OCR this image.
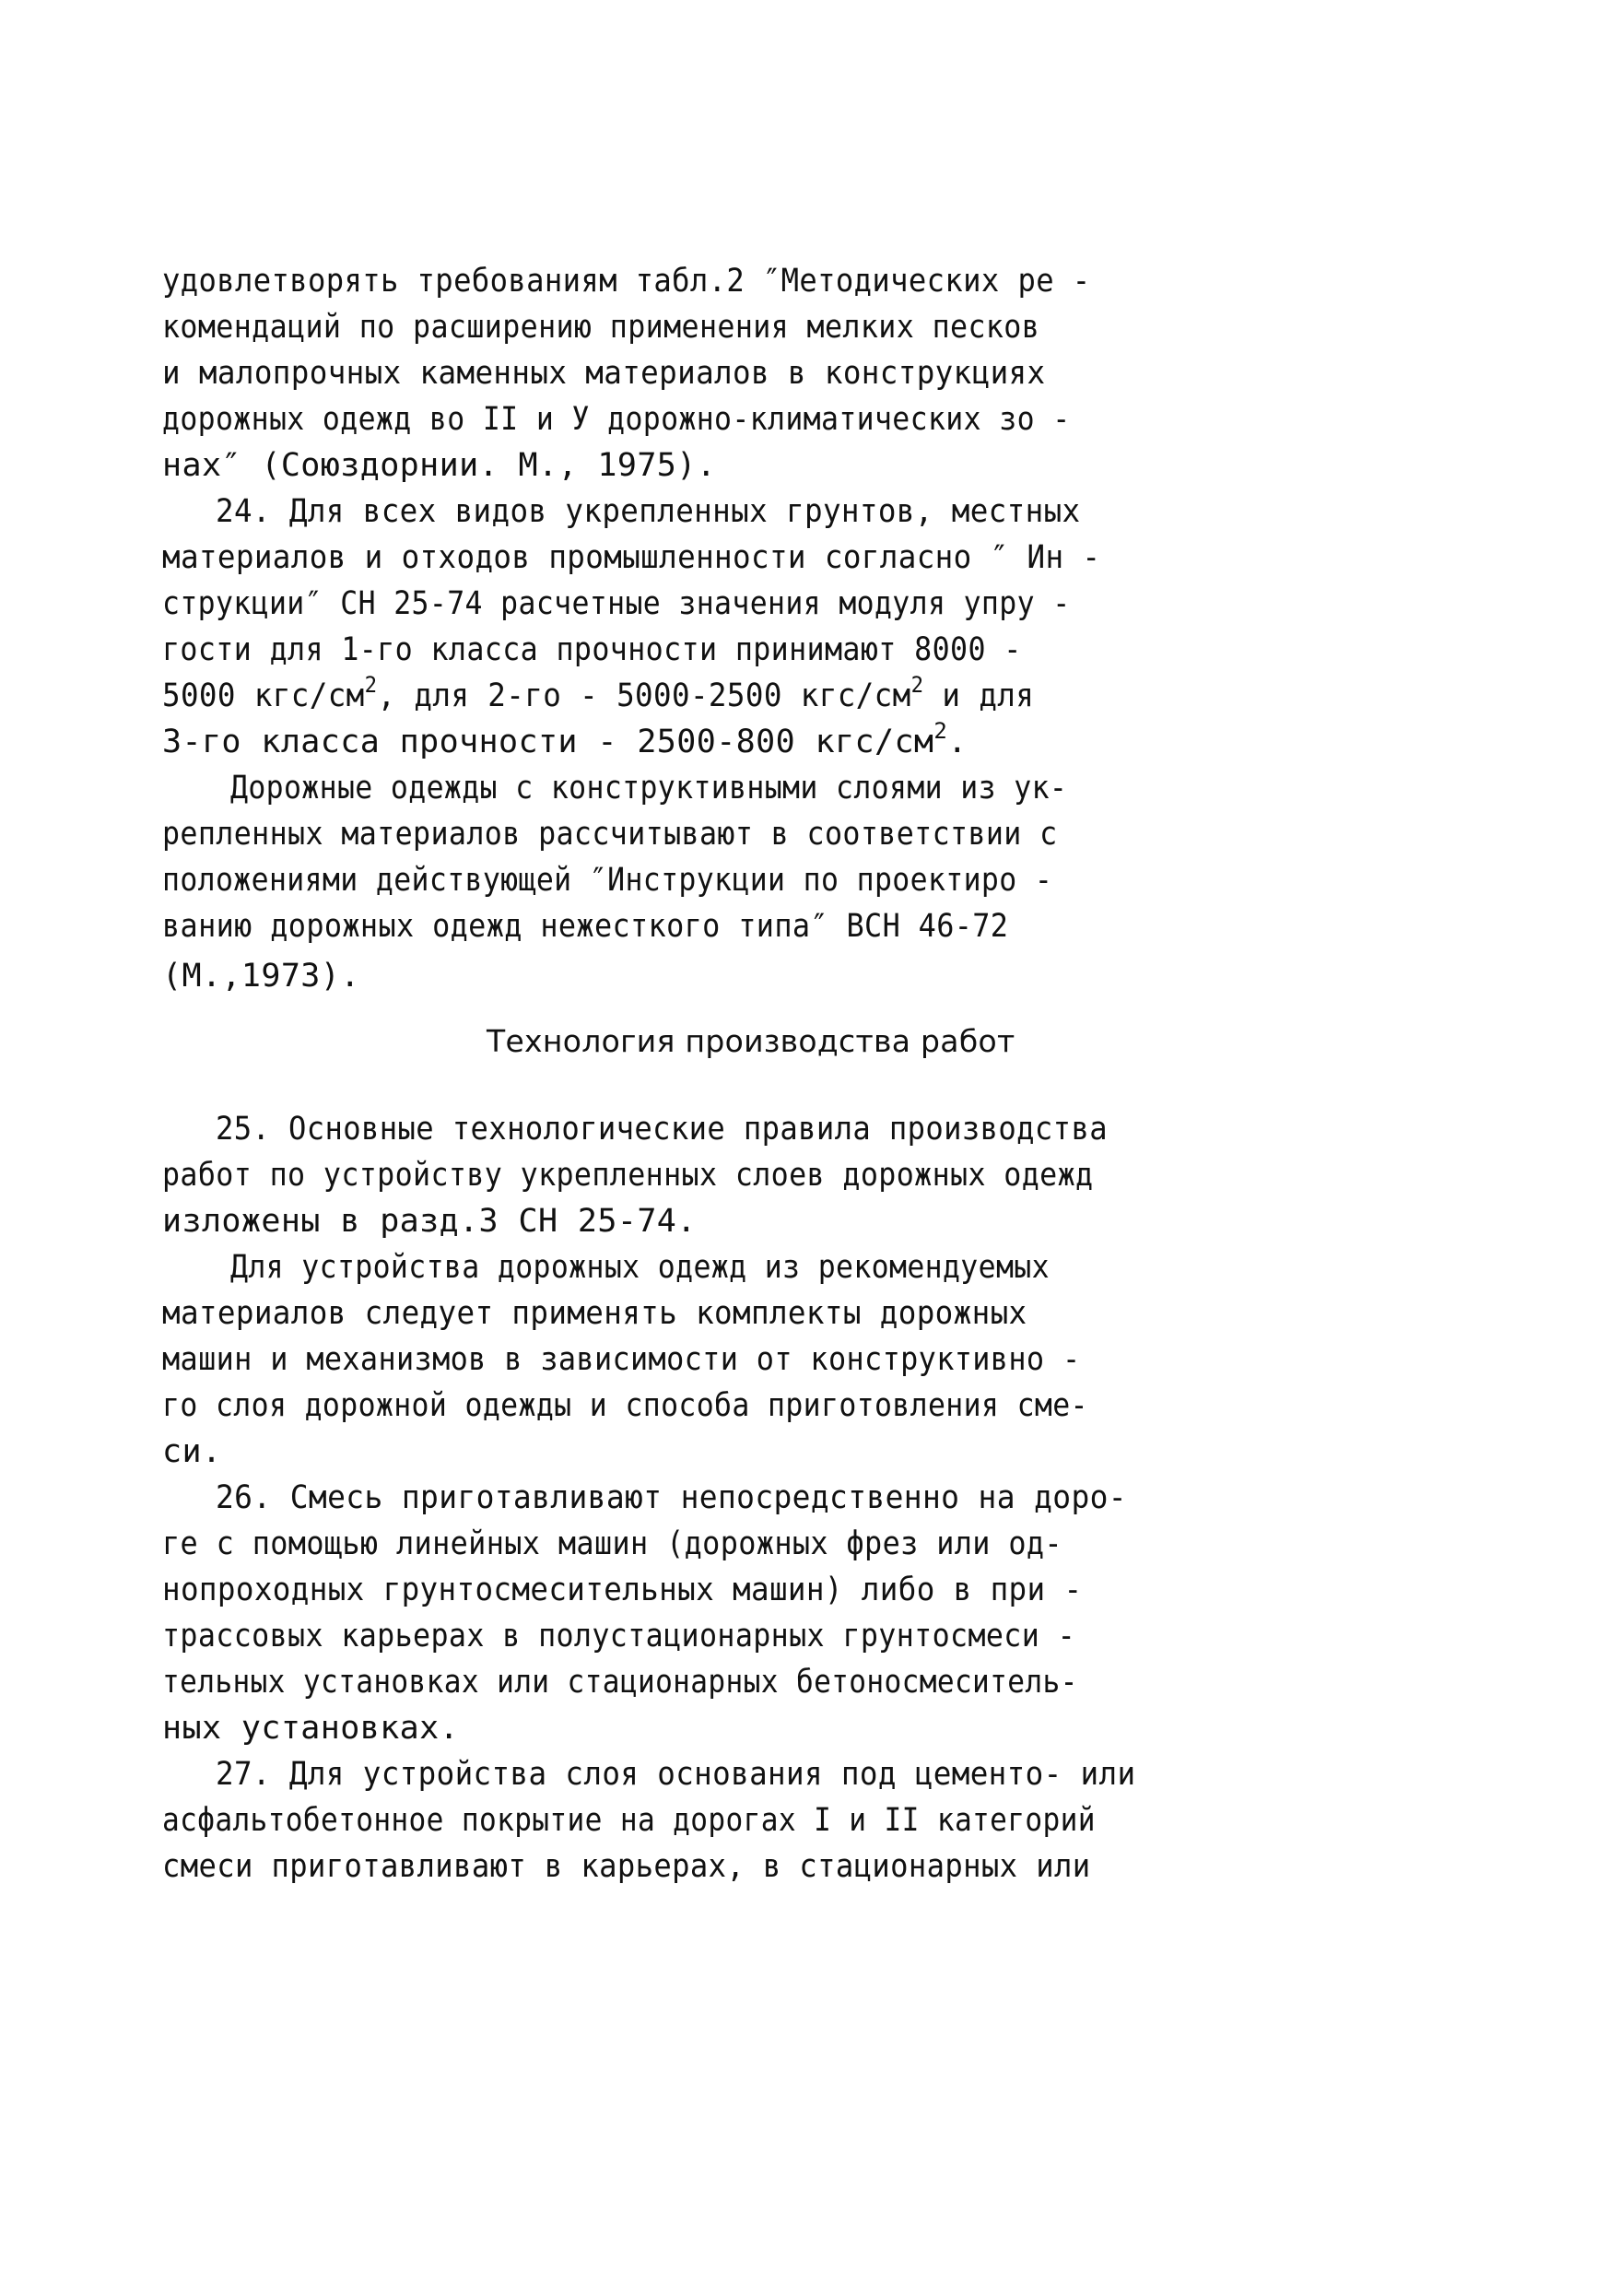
удовлетворять требованиям табл.2 ″Методических ре -
комендаций по расширению применения мелких песков
и малопрочных каменных материалов в конструкциях
дорожных одежд во II и У дорожно-климатических зо -
нах″ (Союздорнии. М., 1975).
24. Для всех видов укрепленных грунтов, местных
материалов и отходов промышленности согласно ″ Ин -
струкции″ СН 25-74 расчетные значения модуля упру -
гости для 1-го класса прочности принимают 8000 -
5000 кгс/$см^2$, для 2-го - 5000-2500 кгс/$см^2$ и для
3-го класса прочности - 2500-800 кгс/$см^2$.
Дорожные одежды с конструктивными слоями из ук-
репленных материалов рассчитывают в соответствии с
положениями действующей ″Инструкции по проектиро -
ванию дорожных одежд нежесткого типа″ ВСН 46-72
(М.,1973).
Технология производства работ
25. Основные технологические правила производства
работ по устройству укрепленных слоев дорожных одежд
изложены в разд.3 СН 25-74.
Для устройства дорожных одежд из рекомендуемых
материалов следует применять комплекты дорожных
машин и механизмов в зависимости от конструктивно -
го слоя дорожной одежды и способа приготовления сме-
си.
26. Смесь приготавливают непосредственно на доро-
ге с помощью линейных машин (дорожных фрез или од-
нопроходных грунтосмесительных машин) либо в при -
трассовых карьерах в полустационарных грунтосмеси -
тельных установках или стационарных бетоносмеситель-
ных установках.
27. Для устройства слоя основания под цементо- или
асфальтобетонное покрытие на дорогах I и II категорий
смеси приготавливают в карьерах, в стационарных или
